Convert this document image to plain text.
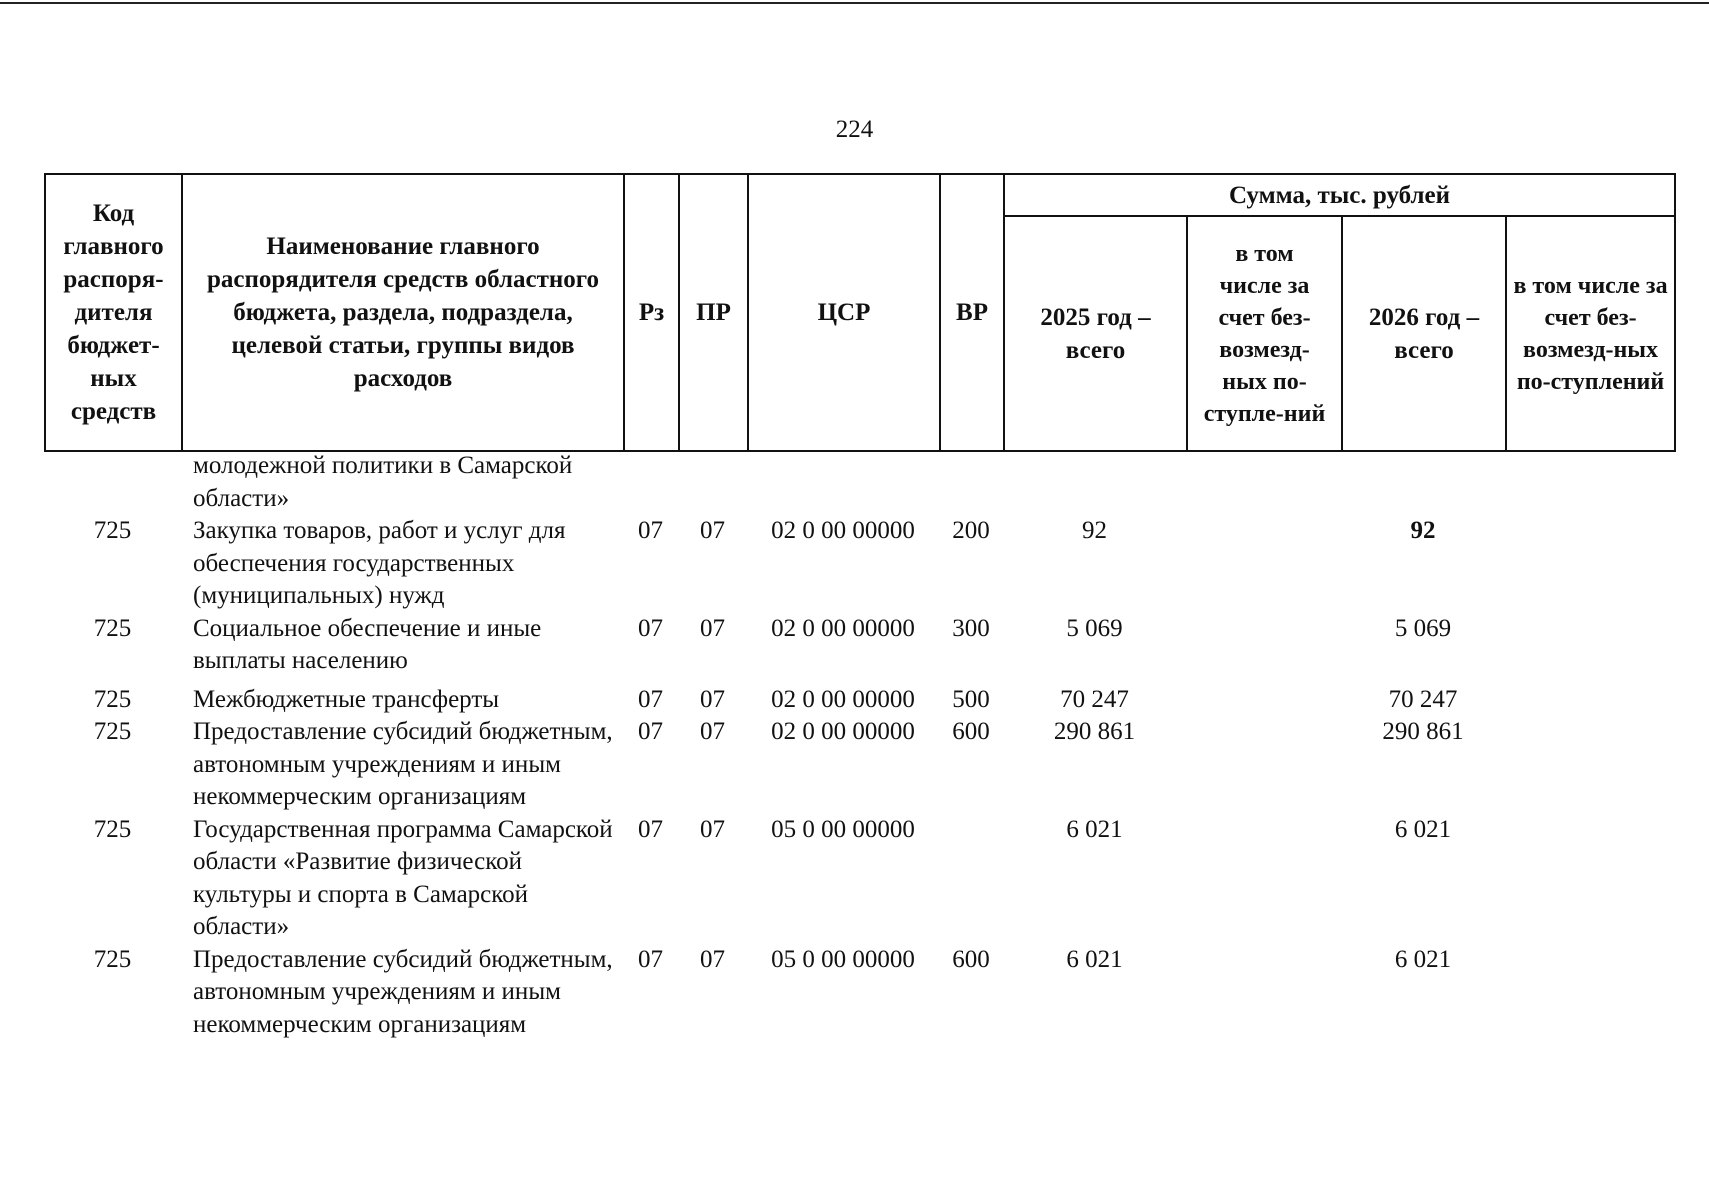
224
Код главного распоря-дителя бюджет-ных средств	Наименование главного распорядителя средств областного бюджета, раздела, подраздела, целевой статьи, группы видов расходов	Рз	ПР	ЦСР	ВР	Сумма, тыс. рублей			
						2025 год – всего	в том числе за счет без-возмезд-ных по-ступле-ний	2026 год – всего	в том числе за счет без-возмезд-ных по-ступлений
	молодежной политики в Самарской области»								
725	Закупка товаров, работ и услуг для обеспечения государственных (муниципальных) нужд	07	07	02 0 00 00000	200	92		92	
725	Социальное обеспечение и иные выплаты населению	07	07	02 0 00 00000	300	5 069		5 069	

725	Межбюджетные трансферты	07	07	02 0 00 00000	500	70 247		70 247	
725	Предоставление субсидий бюджетным, автономным учреждениям и иным некоммерческим организациям	07	07	02 0 00 00000	600	290 861		290 861	
725	Государственная программа Самарской области «Развитие физической культуры и спорта в Самарской области»	07	07	05 0 00 00000		6 021		6 021	
725	Предоставление субсидий бюджетным, автономным учреждениям и иным некоммерческим организациям	07	07	05 0 00 00000	600	6 021		6 021	
